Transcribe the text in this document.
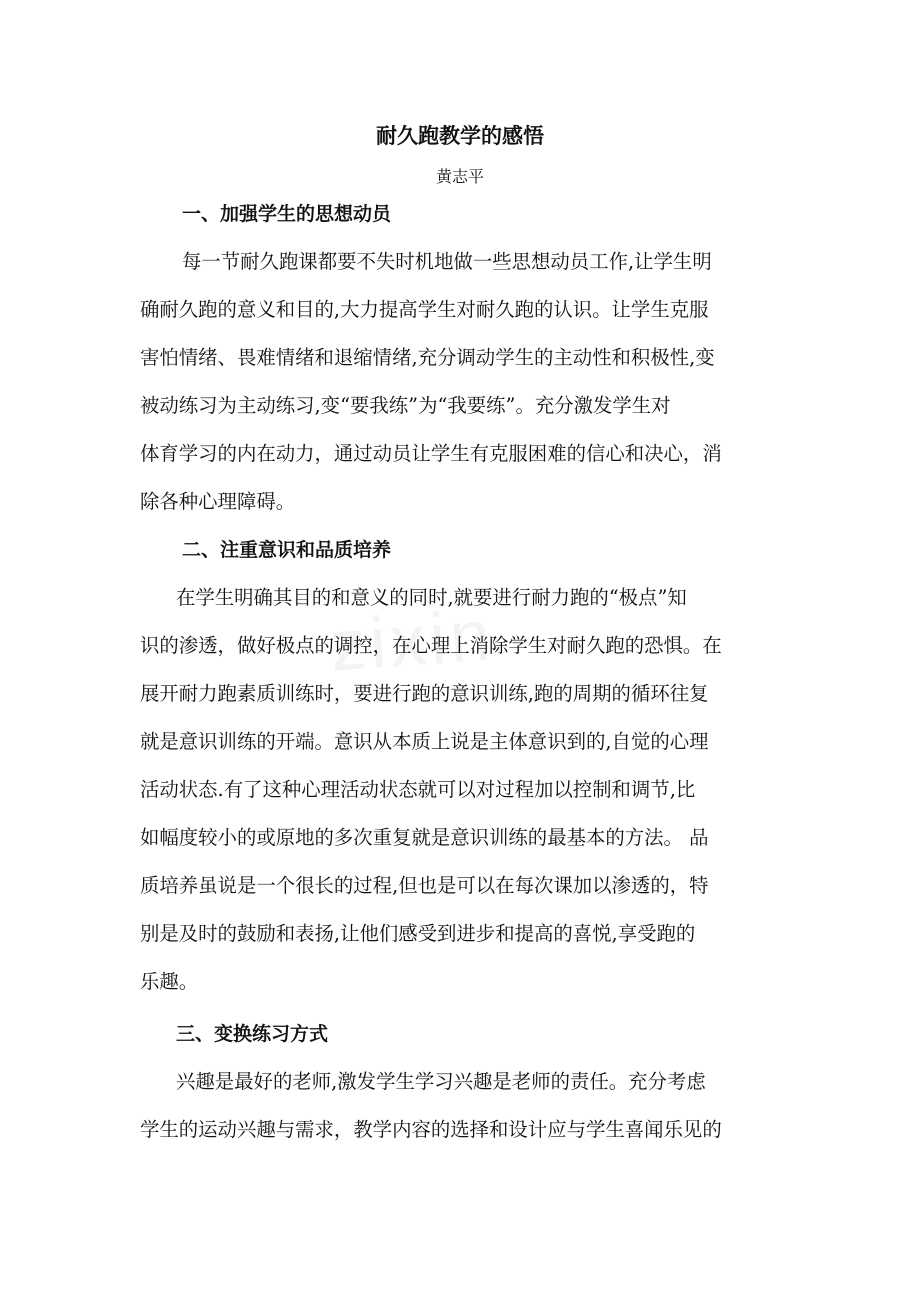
zixin
耐久跑教学的感悟
黄志平
一、加强学生的思想动员
每一节耐久跑课都要不失时机地做一些思想动员工作,让学生明
确耐久跑的意义和目的,大力提高学生对耐久跑的认识。让学生克服
害怕情绪、畏难情绪和退缩情绪,充分调动学生的主动性和积极性,变
被动练习为主动练习,变“要我练”为“我要练”。充分激发学生对
体育学习的内在动力，通过动员让学生有克服困难的信心和决心，消
除各种心理障碍。
二、注重意识和品质培养
在学生明确其目的和意义的同时,就要进行耐力跑的“极点”知
识的渗透，做好极点的调控，在心理上消除学生对耐久跑的恐惧。在
展开耐力跑素质训练时，要进行跑的意识训练,跑的周期的循环往复
就是意识训练的开端。意识从本质上说是主体意识到的,自觉的心理
活动状态.有了这种心理活动状态就可以对过程加以控制和调节,比
如幅度较小的或原地的多次重复就是意识训练的最基本的方法。 品
质培养虽说是一个很长的过程,但也是可以在每次课加以渗透的，特
别是及时的鼓励和表扬,让他们感受到进步和提高的喜悦,享受跑的
乐趣。
三、变换练习方式
兴趣是最好的老师,激发学生学习兴趣是老师的责任。充分考虑
学生的运动兴趣与需求，教学内容的选择和设计应与学生喜闻乐见的
